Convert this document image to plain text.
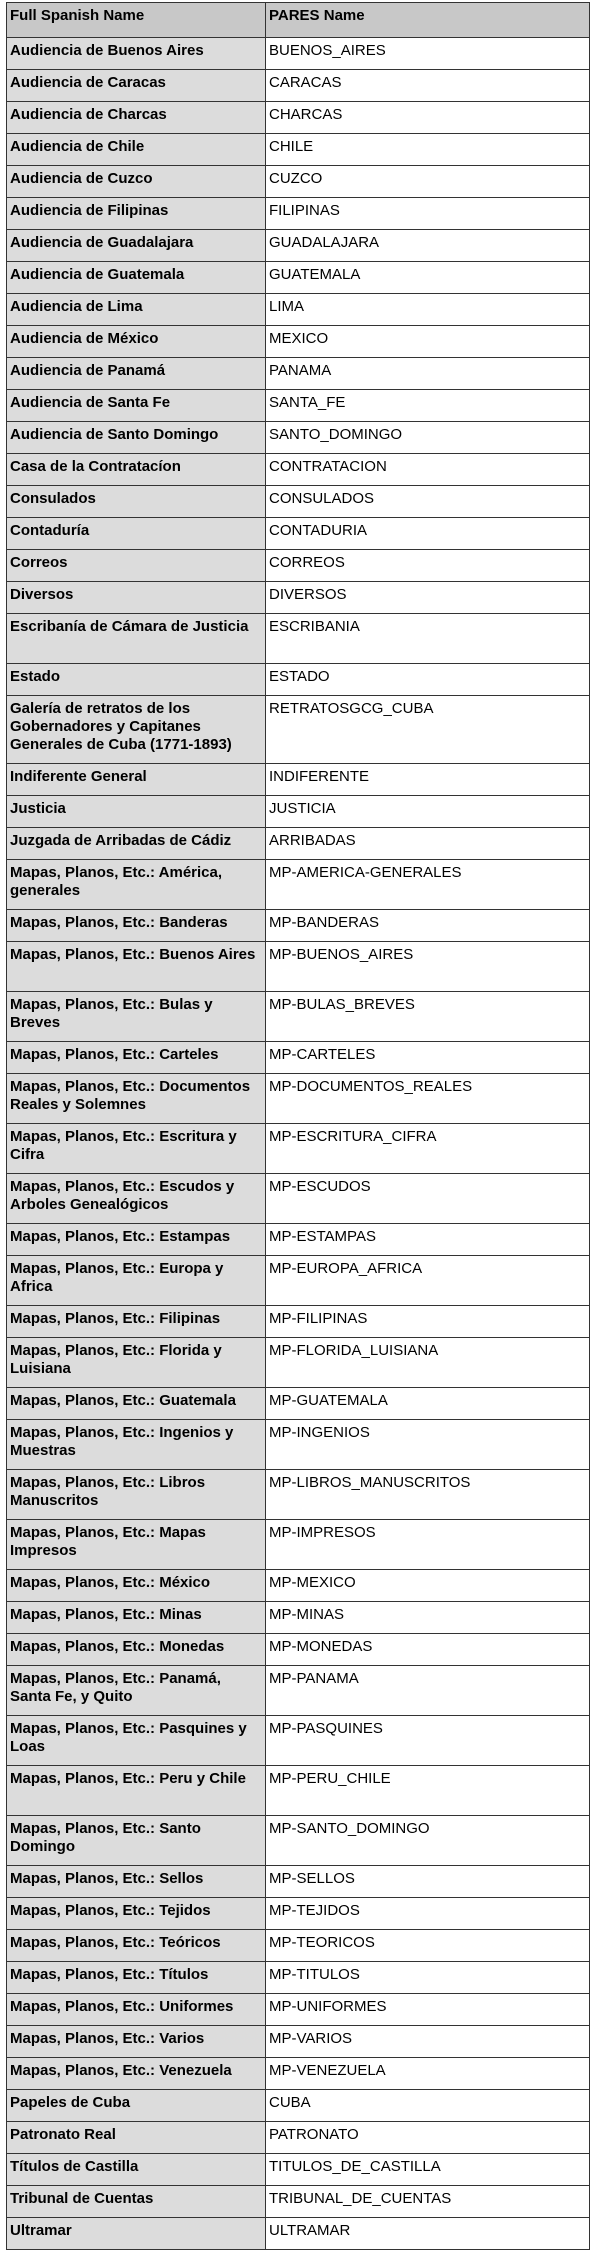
Full Spanish Name	PARES Name
Audiencia de Buenos Aires	BUENOS_AIRES
Audiencia de Caracas	CARACAS
Audiencia de Charcas	CHARCAS
Audiencia de Chile	CHILE
Audiencia de Cuzco	CUZCO
Audiencia de Filipinas	FILIPINAS
Audiencia de Guadalajara	GUADALAJARA
Audiencia de Guatemala	GUATEMALA
Audiencia de Lima	LIMA
Audiencia de México	MEXICO
Audiencia de Panamá	PANAMA
Audiencia de Santa Fe	SANTA_FE
Audiencia de Santo Domingo	SANTO_DOMINGO
Casa de la Contratacíon	CONTRATACION
Consulados	CONSULADOS
Contaduría	CONTADURIA
Correos	CORREOS
Diversos	DIVERSOS
Escribanía de Cámara de Justicia	ESCRIBANIA
Estado	ESTADO
Galería de retratos de los Gobernadores y Capitanes Generales de Cuba (1771-1893)	RETRATOSGCG_CUBA
Indiferente General	INDIFERENTE
Justicia	JUSTICIA
Juzgada de Arribadas de Cádiz	ARRIBADAS
Mapas, Planos, Etc.: América, generales	MP-AMERICA-GENERALES
Mapas, Planos, Etc.: Banderas	MP-BANDERAS
Mapas, Planos, Etc.: Buenos Aires	MP-BUENOS_AIRES
Mapas, Planos, Etc.: Bulas y Breves	MP-BULAS_BREVES
Mapas, Planos, Etc.: Carteles	MP-CARTELES
Mapas, Planos, Etc.: Documentos Reales y Solemnes	MP-DOCUMENTOS_REALES
Mapas, Planos, Etc.: Escritura y Cifra	MP-ESCRITURA_CIFRA
Mapas, Planos, Etc.: Escudos y Arboles Genealógicos	MP-ESCUDOS
Mapas, Planos, Etc.: Estampas	MP-ESTAMPAS
Mapas, Planos, Etc.: Europa y Africa	MP-EUROPA_AFRICA
Mapas, Planos, Etc.: Filipinas	MP-FILIPINAS
Mapas, Planos, Etc.: Florida y Luisiana	MP-FLORIDA_LUISIANA
Mapas, Planos, Etc.: Guatemala	MP-GUATEMALA
Mapas, Planos, Etc.: Ingenios y Muestras	MP-INGENIOS
Mapas, Planos, Etc.: Libros Manuscritos	MP-LIBROS_MANUSCRITOS
Mapas, Planos, Etc.: Mapas Impresos	MP-IMPRESOS
Mapas, Planos, Etc.: México	MP-MEXICO
Mapas, Planos, Etc.: Minas	MP-MINAS
Mapas, Planos, Etc.: Monedas	MP-MONEDAS
Mapas, Planos, Etc.: Panamá, Santa Fe, y Quito	MP-PANAMA
Mapas, Planos, Etc.: Pasquines y Loas	MP-PASQUINES
Mapas, Planos, Etc.: Peru y Chile	MP-PERU_CHILE
Mapas, Planos, Etc.: Santo Domingo	MP-SANTO_DOMINGO
Mapas, Planos, Etc.: Sellos	MP-SELLOS
Mapas, Planos, Etc.: Tejidos	MP-TEJIDOS
Mapas, Planos, Etc.: Teóricos	MP-TEORICOS
Mapas, Planos, Etc.: Títulos	MP-TITULOS
Mapas, Planos, Etc.: Uniformes	MP-UNIFORMES
Mapas, Planos, Etc.: Varios	MP-VARIOS
Mapas, Planos, Etc.: Venezuela	MP-VENEZUELA
Papeles de Cuba	CUBA
Patronato Real	PATRONATO
Títulos de Castilla	TITULOS_DE_CASTILLA
Tribunal de Cuentas	TRIBUNAL_DE_CUENTAS
Ultramar	ULTRAMAR
